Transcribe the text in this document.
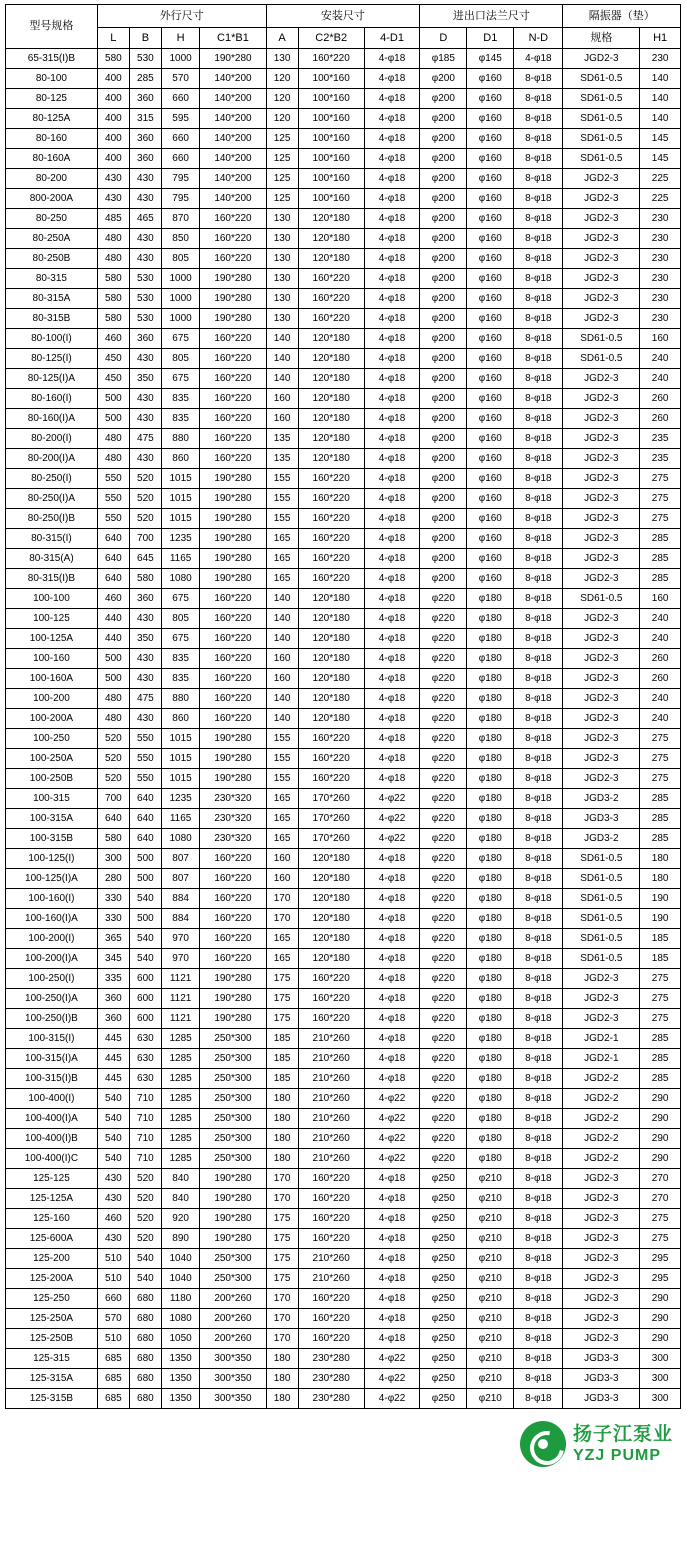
型号规格	外行尺寸				安装尺寸			进出口法兰尺寸			隔振器（垫）	
	L	B	H	C1*B1	A	C2*B2	4-D1	D	D1	N-D	规格	H1
65-315(I)B	580	530	1000	190*280	130	160*220	4-φ18	φ185	φ145	4-φ18	JGD2-3	230
80-100	400	285	570	140*200	120	100*160	4-φ18	φ200	φ160	8-φ18	SD61-0.5	140
80-125	400	360	660	140*200	120	100*160	4-φ18	φ200	φ160	8-φ18	SD61-0.5	140
80-125A	400	315	595	140*200	120	100*160	4-φ18	φ200	φ160	8-φ18	SD61-0.5	140
80-160	400	360	660	140*200	125	100*160	4-φ18	φ200	φ160	8-φ18	SD61-0.5	145
80-160A	400	360	660	140*200	125	100*160	4-φ18	φ200	φ160	8-φ18	SD61-0.5	145
80-200	430	430	795	140*200	125	100*160	4-φ18	φ200	φ160	8-φ18	JGD2-3	225
800-200A	430	430	795	140*200	125	100*160	4-φ18	φ200	φ160	8-φ18	JGD2-3	225
80-250	485	465	870	160*220	130	120*180	4-φ18	φ200	φ160	8-φ18	JGD2-3	230
80-250A	480	430	850	160*220	130	120*180	4-φ18	φ200	φ160	8-φ18	JGD2-3	230
80-250B	480	430	805	160*220	130	120*180	4-φ18	φ200	φ160	8-φ18	JGD2-3	230
80-315	580	530	1000	190*280	130	160*220	4-φ18	φ200	φ160	8-φ18	JGD2-3	230
80-315A	580	530	1000	190*280	130	160*220	4-φ18	φ200	φ160	8-φ18	JGD2-3	230
80-315B	580	530	1000	190*280	130	160*220	4-φ18	φ200	φ160	8-φ18	JGD2-3	230
80-100(I)	460	360	675	160*220	140	120*180	4-φ18	φ200	φ160	8-φ18	SD61-0.5	160
80-125(I)	450	430	805	160*220	140	120*180	4-φ18	φ200	φ160	8-φ18	SD61-0.5	240
80-125(I)A	450	350	675	160*220	140	120*180	4-φ18	φ200	φ160	8-φ18	JGD2-3	240
80-160(I)	500	430	835	160*220	160	120*180	4-φ18	φ200	φ160	8-φ18	JGD2-3	260
80-160(I)A	500	430	835	160*220	160	120*180	4-φ18	φ200	φ160	8-φ18	JGD2-3	260
80-200(I)	480	475	880	160*220	135	120*180	4-φ18	φ200	φ160	8-φ18	JGD2-3	235
80-200(I)A	480	430	860	160*220	135	120*180	4-φ18	φ200	φ160	8-φ18	JGD2-3	235
80-250(I)	550	520	1015	190*280	155	160*220	4-φ18	φ200	φ160	8-φ18	JGD2-3	275
80-250(I)A	550	520	1015	190*280	155	160*220	4-φ18	φ200	φ160	8-φ18	JGD2-3	275
80-250(I)B	550	520	1015	190*280	155	160*220	4-φ18	φ200	φ160	8-φ18	JGD2-3	275
80-315(I)	640	700	1235	190*280	165	160*220	4-φ18	φ200	φ160	8-φ18	JGD2-3	285
80-315(A)	640	645	1165	190*280	165	160*220	4-φ18	φ200	φ160	8-φ18	JGD2-3	285
80-315(I)B	640	580	1080	190*280	165	160*220	4-φ18	φ200	φ160	8-φ18	JGD2-3	285
100-100	460	360	675	160*220	140	120*180	4-φ18	φ220	φ180	8-φ18	SD61-0.5	160
100-125	440	430	805	160*220	140	120*180	4-φ18	φ220	φ180	8-φ18	JGD2-3	240
100-125A	440	350	675	160*220	140	120*180	4-φ18	φ220	φ180	8-φ18	JGD2-3	240
100-160	500	430	835	160*220	160	120*180	4-φ18	φ220	φ180	8-φ18	JGD2-3	260
100-160A	500	430	835	160*220	160	120*180	4-φ18	φ220	φ180	8-φ18	JGD2-3	260
100-200	480	475	880	160*220	140	120*180	4-φ18	φ220	φ180	8-φ18	JGD2-3	240
100-200A	480	430	860	160*220	140	120*180	4-φ18	φ220	φ180	8-φ18	JGD2-3	240
100-250	520	550	1015	190*280	155	160*220	4-φ18	φ220	φ180	8-φ18	JGD2-3	275
100-250A	520	550	1015	190*280	155	160*220	4-φ18	φ220	φ180	8-φ18	JGD2-3	275
100-250B	520	550	1015	190*280	155	160*220	4-φ18	φ220	φ180	8-φ18	JGD2-3	275
100-315	700	640	1235	230*320	165	170*260	4-φ22	φ220	φ180	8-φ18	JGD3-2	285
100-315A	640	640	1165	230*320	165	170*260	4-φ22	φ220	φ180	8-φ18	JGD3-3	285
100-315B	580	640	1080	230*320	165	170*260	4-φ22	φ220	φ180	8-φ18	JGD3-2	285
100-125(I)	300	500	807	160*220	160	120*180	4-φ18	φ220	φ180	8-φ18	SD61-0.5	180
100-125(I)A	280	500	807	160*220	160	120*180	4-φ18	φ220	φ180	8-φ18	SD61-0.5	180
100-160(I)	330	540	884	160*220	170	120*180	4-φ18	φ220	φ180	8-φ18	SD61-0.5	190
100-160(I)A	330	500	884	160*220	170	120*180	4-φ18	φ220	φ180	8-φ18	SD61-0.5	190
100-200(I)	365	540	970	160*220	165	120*180	4-φ18	φ220	φ180	8-φ18	SD61-0.5	185
100-200(I)A	345	540	970	160*220	165	120*180	4-φ18	φ220	φ180	8-φ18	SD61-0.5	185
100-250(I)	335	600	1121	190*280	175	160*220	4-φ18	φ220	φ180	8-φ18	JGD2-3	275
100-250(I)A	360	600	1121	190*280	175	160*220	4-φ18	φ220	φ180	8-φ18	JGD2-3	275
100-250(I)B	360	600	1121	190*280	175	160*220	4-φ18	φ220	φ180	8-φ18	JGD2-3	275
100-315(I)	445	630	1285	250*300	185	210*260	4-φ18	φ220	φ180	8-φ18	JGD2-1	285
100-315(I)A	445	630	1285	250*300	185	210*260	4-φ18	φ220	φ180	8-φ18	JGD2-1	285
100-315(I)B	445	630	1285	250*300	185	210*260	4-φ18	φ220	φ180	8-φ18	JGD2-2	285
100-400(I)	540	710	1285	250*300	180	210*260	4-φ22	φ220	φ180	8-φ18	JGD2-2	290
100-400(I)A	540	710	1285	250*300	180	210*260	4-φ22	φ220	φ180	8-φ18	JGD2-2	290
100-400(I)B	540	710	1285	250*300	180	210*260	4-φ22	φ220	φ180	8-φ18	JGD2-2	290
100-400(I)C	540	710	1285	250*300	180	210*260	4-φ22	φ220	φ180	8-φ18	JGD2-2	290
125-125	430	520	840	190*280	170	160*220	4-φ18	φ250	φ210	8-φ18	JGD2-3	270
125-125A	430	520	840	190*280	170	160*220	4-φ18	φ250	φ210	8-φ18	JGD2-3	270
125-160	460	520	920	190*280	175	160*220	4-φ18	φ250	φ210	8-φ18	JGD2-3	275
125-600A	430	520	890	190*280	175	160*220	4-φ18	φ250	φ210	8-φ18	JGD2-3	275
125-200	510	540	1040	250*300	175	210*260	4-φ18	φ250	φ210	8-φ18	JGD2-3	295
125-200A	510	540	1040	250*300	175	210*260	4-φ18	φ250	φ210	8-φ18	JGD2-3	295
125-250	660	680	1180	200*260	170	160*220	4-φ18	φ250	φ210	8-φ18	JGD2-3	290
125-250A	570	680	1080	200*260	170	160*220	4-φ18	φ250	φ210	8-φ18	JGD2-3	290
125-250B	510	680	1050	200*260	170	160*220	4-φ18	φ250	φ210	8-φ18	JGD2-3	290
125-315	685	680	1350	300*350	180	230*280	4-φ22	φ250	φ210	8-φ18	JGD3-3	300
125-315A	685	680	1350	300*350	180	230*280	4-φ22	φ250	φ210	8-φ18	JGD3-3	300
125-315B	685	680	1350	300*350	180	230*280	4-φ22	φ250	φ210	8-φ18	JGD3-3	300
扬子江泵业
YZJ PUMP
